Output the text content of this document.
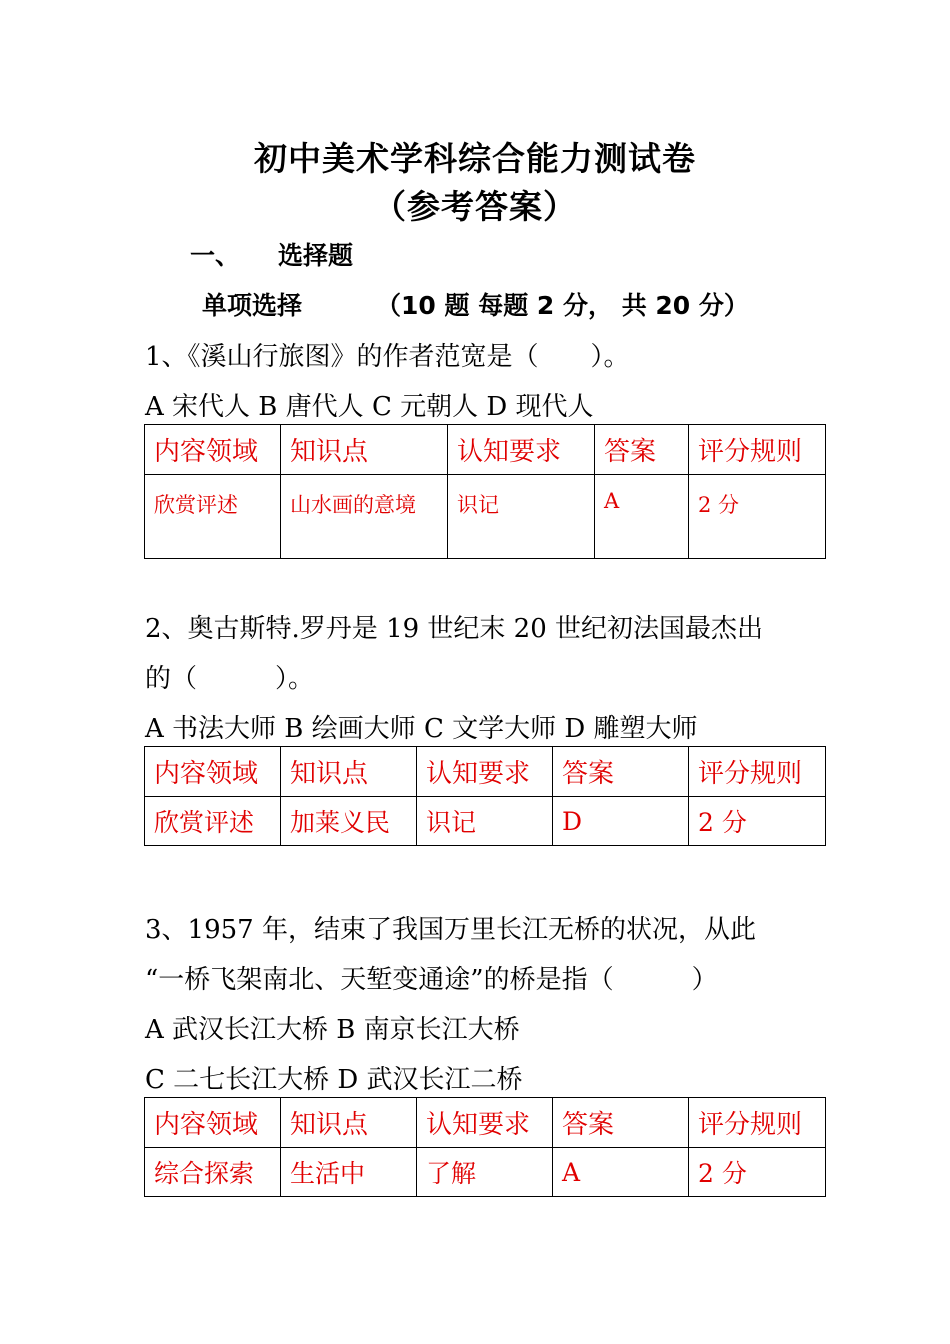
初中美术学科综合能力测试卷
（参考答案）
一、 选择题
单项选择	（10 题 每题 2 分， 共 20 分）
1、《溪山行旅图》的作者范宽是（　　）。
A 宋代人 B 唐代人 C 元朝人 D 现代人
内容领域	知识点	认知要求	答案	评分规则
欣赏评述	山水画的意境	识记	A	2 分
2、奥古斯特.罗丹是 19 世纪末 20 世纪初法国最杰出
的（　　　）。
A 书法大师 B 绘画大师 C 文学大师 D 雕塑大师
内容领域	知识点	认知要求	答案	评分规则
欣赏评述	加莱义民	识记	D	2 分
3、1957 年，结束了我国万里长江无桥的状况，从此
“一桥飞架南北、天堑变通途”的桥是指（　　　）
A 武汉长江大桥 B 南京长江大桥
C 二七长江大桥 D 武汉长江二桥
内容领域	知识点	认知要求	答案	评分规则
综合探索	生活中	了解	A	2 分
